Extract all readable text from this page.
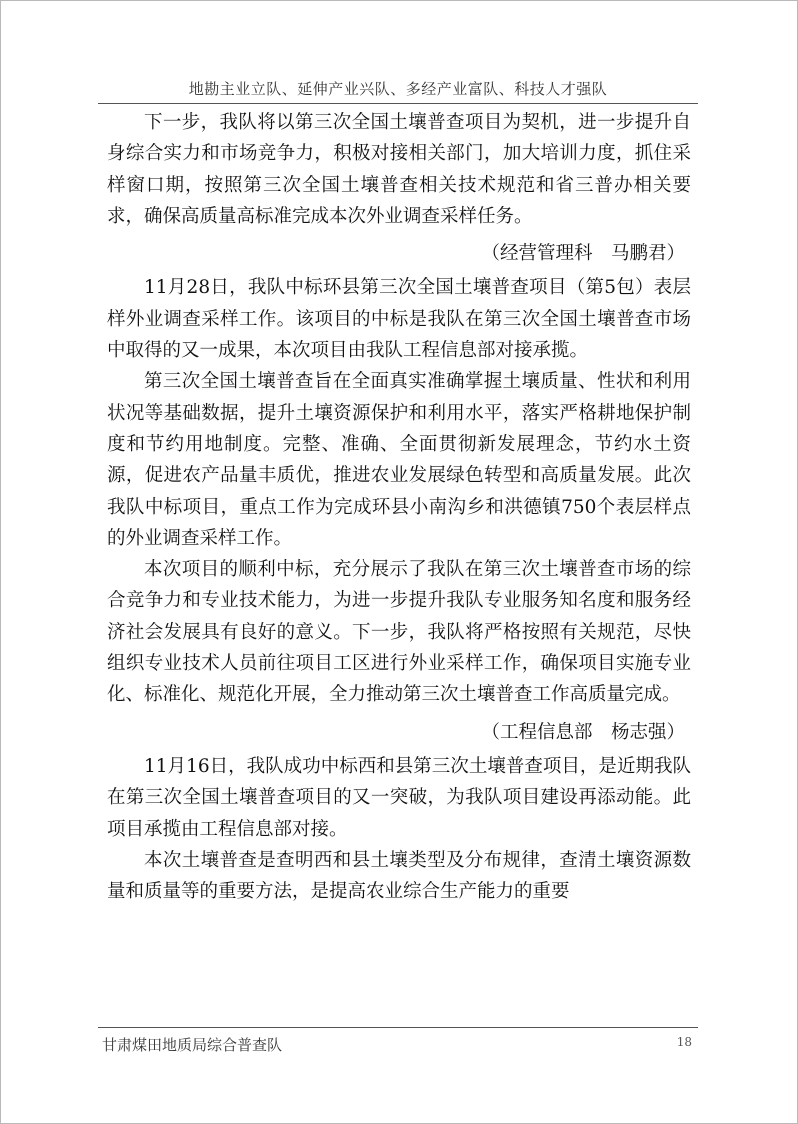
地勘主业立队、延伸产业兴队、多经产业富队、科技人才强队

下一步，我队将以第三次全国土壤普查项目为契机，进一步提升自身综合实力和市场竞争力，积极对接相关部门，加大培训力度，抓住采样窗口期，按照第三次全国土壤普查相关技术规范和省三普办相关要求，确保高质量高标准完成本次外业调查采样任务。

（经营管理科　马鹏君）

11月28日，我队中标环县第三次全国土壤普查项目（第5包）表层样外业调查采样工作。该项目的中标是我队在第三次全国土壤普查市场中取得的又一成果，本次项目由我队工程信息部对接承揽。

第三次全国土壤普查旨在全面真实准确掌握土壤质量、性状和利用状况等基础数据，提升土壤资源保护和利用水平，落实严格耕地保护制度和节约用地制度。完整、准确、全面贯彻新发展理念，节约水土资源，促进农产品量丰质优，推进农业发展绿色转型和高质量发展。此次我队中标项目，重点工作为完成环县小南沟乡和洪德镇750个表层样点的外业调查采样工作。

本次项目的顺利中标，充分展示了我队在第三次土壤普查市场的综合竞争力和专业技术能力，为进一步提升我队专业服务知名度和服务经济社会发展具有良好的意义。下一步，我队将严格按照有关规范，尽快组织专业技术人员前往项目工区进行外业采样工作，确保项目实施专业化、标准化、规范化开展，全力推动第三次土壤普查工作高质量完成。

（工程信息部　杨志强）

11月16日，我队成功中标西和县第三次土壤普查项目，是近期我队在第三次全国土壤普查项目的又一突破，为我队项目建设再添动能。此项目承揽由工程信息部对接。

本次土壤普查是查明西和县土壤类型及分布规律，查清土壤资源数量和质量等的重要方法，是提高农业综合生产能力的重要

甘肃煤田地质局综合普查队	18
